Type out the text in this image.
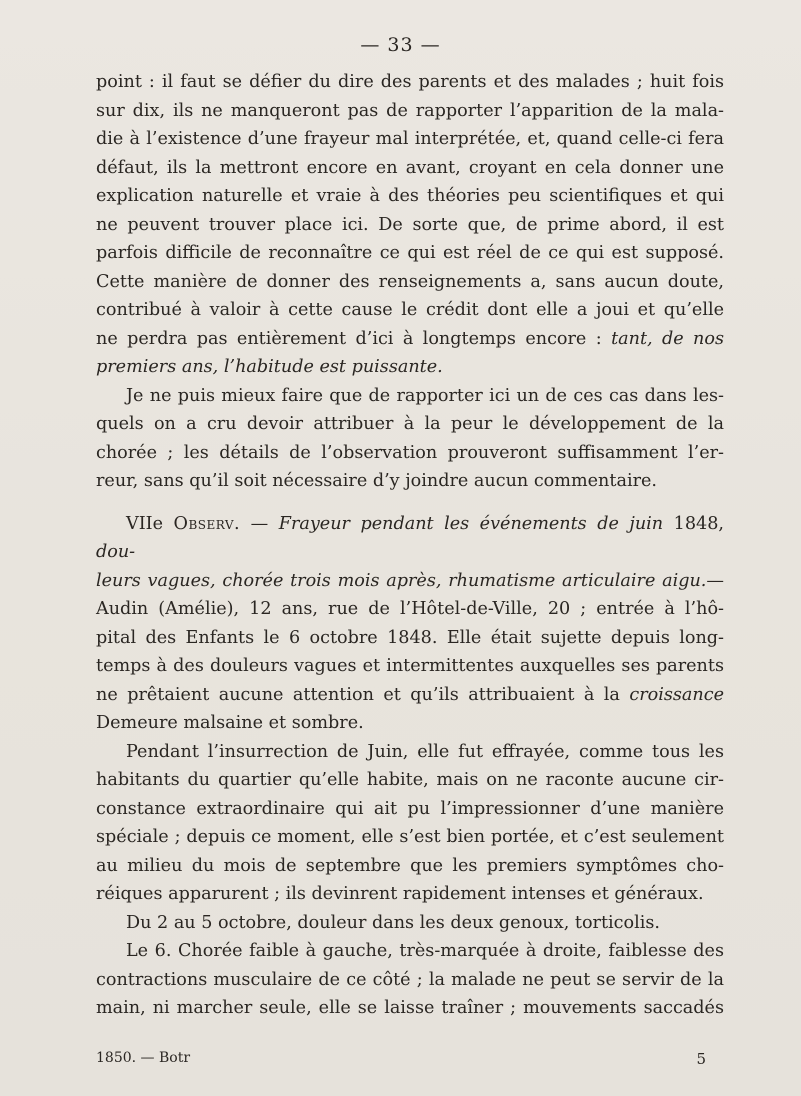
— 33 —

point : il faut se défier du dire des parents et des malades ; huit fois
sur dix, ils ne manqueront pas de rapporter l’apparition de la mala-
die à l’existence d’une frayeur mal interprétée, et, quand celle-ci fera
défaut, ils la mettront encore en avant, croyant en cela donner une
explication naturelle et vraie à des théories peu scientifiques et qui
ne peuvent trouver place ici. De sorte que, de prime abord, il est
parfois difficile de reconnaître ce qui est réel de ce qui est supposé.
Cette manière de donner des renseignements a, sans aucun doute,
contribué à valoir à cette cause le crédit dont elle a joui et qu’elle
ne perdra pas entièrement d’ici à longtemps encore : tant, de nos
premiers ans, l’habitude est puissante.

Je ne puis mieux faire que de rapporter ici un de ces cas dans les-
quels on a cru devoir attribuer à la peur le développement de la
chorée ; les détails de l’observation prouveront suffisamment l’er-
reur, sans qu’il soit nécessaire d’y joindre aucun commentaire.

VIIe Observ. — Frayeur pendant les événements de juin 1848, dou-
leurs vagues, chorée trois mois après, rhumatisme articulaire aigu.—
Audin (Amélie), 12 ans, rue de l’Hôtel-de-Ville, 20 ; entrée à l’hô-
pital des Enfants le 6 octobre 1848. Elle était sujette depuis long-
temps à des douleurs vagues et intermittentes auxquelles ses parents
ne prêtaient aucune attention et qu’ils attribuaient à la croissance
Demeure malsaine et sombre.

Pendant l’insurrection de Juin, elle fut effrayée, comme tous les
habitants du quartier qu’elle habite, mais on ne raconte aucune cir-
constance extraordinaire qui ait pu l’impressionner d’une manière
spéciale ; depuis ce moment, elle s’est bien portée, et c’est seulement
au milieu du mois de septembre que les premiers symptômes cho-
réiques apparurent ; ils devinrent rapidement intenses et généraux.

Du 2 au 5 octobre, douleur dans les deux genoux, torticolis.

Le 6. Chorée faible à gauche, très-marquée à droite, faiblesse des
contractions musculaire de ce côté ; la malade ne peut se servir de la
main, ni marcher seule, elle se laisse traîner ; mouvements saccadés

1850. — Botr	5
